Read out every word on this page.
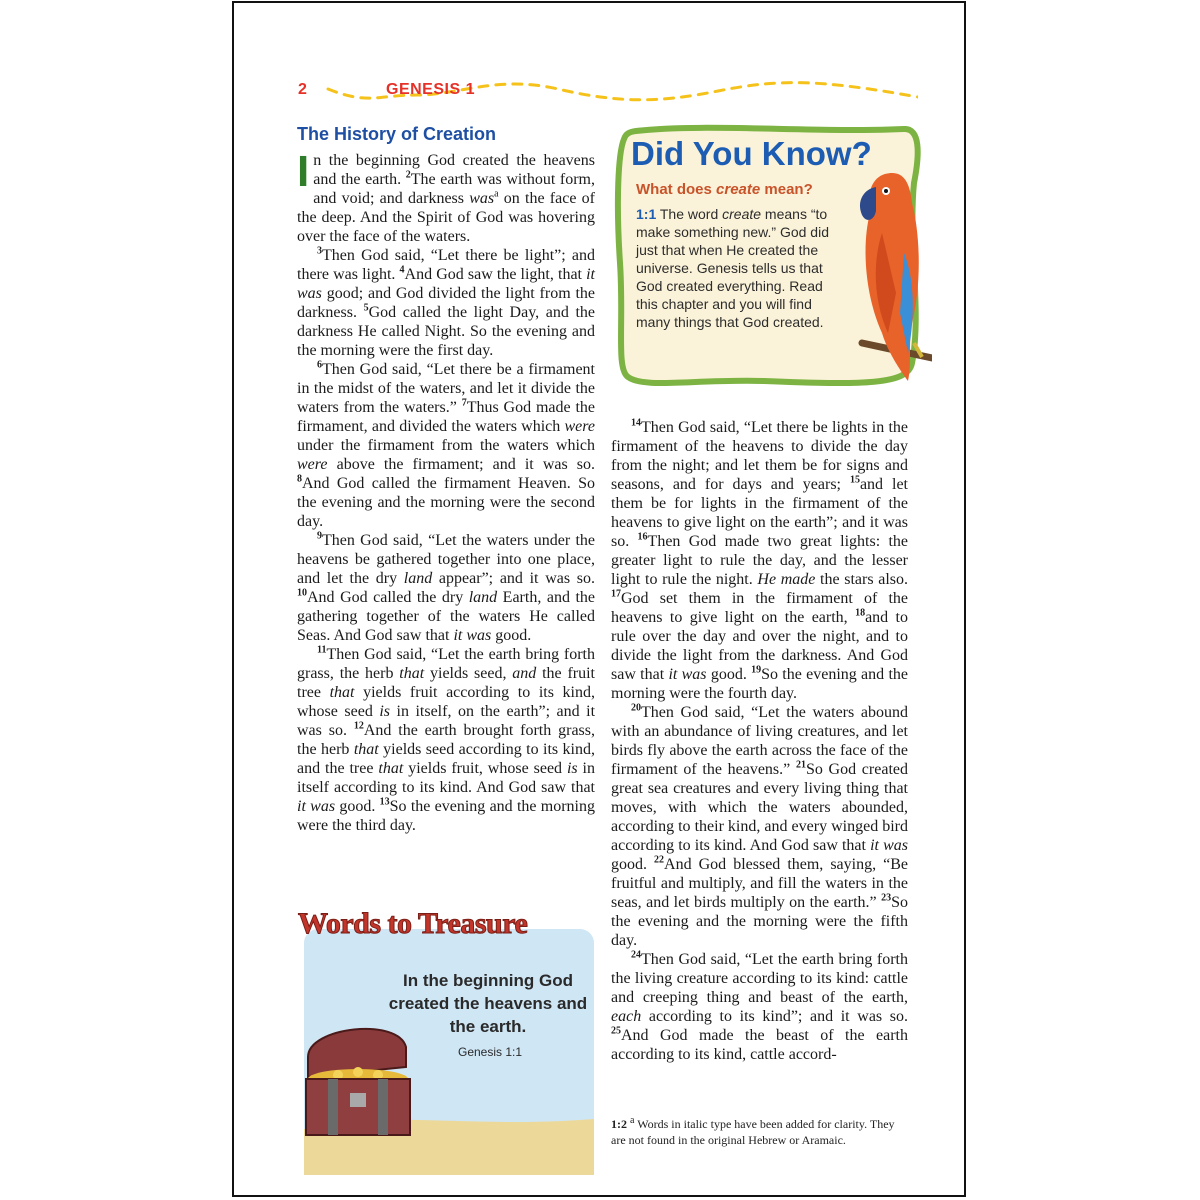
2	GENESIS 1
The History of Creation
I n the beginning God created the heavens and the earth. $^2$The earth was without form, and void; and darkness was$^a$ on the face of the deep. And the Spirit of God was hovering over the face of the waters.

$^3$Then God said, “Let there be light”; and there was light. $^4$And God saw the light, that it was good; and God divided the light from the darkness. $^5$God called the light Day, and the darkness He called Night. So the evening and the morning were the first day.

$^6$Then God said, “Let there be a firmament in the midst of the waters, and let it divide the waters from the waters.” $^7$Thus God made the firmament, and divided the waters which were under the firmament from the waters which were above the firmament; and it was so. $^8$And God called the firmament Heaven. So the evening and the morning were the second day.

$^9$Then God said, “Let the waters under the heavens be gathered together into one place, and let the dry land appear”; and it was so. $^{10}$And God called the dry land Earth, and the gathering together of the waters He called Seas. And God saw that it was good.

$^{11}$Then God said, “Let the earth bring forth grass, the herb that yields seed, and the fruit tree that yields fruit according to its kind, whose seed is in itself, on the earth”; and it was so. $^{12}$And the earth brought forth grass, the herb that yields seed according to its kind, and the tree that yields fruit, whose seed is in itself according to its kind. And God saw that it was good. $^{13}$So the evening and the morning were the third day.

Did You Know?
What does create mean?
1:1 The word create means “to make something new.” God did just that when He created the universe. Genesis tells us that God created everything. Read this chapter and you will find many things that God created.

$^{14}$Then God said, “Let there be lights in the firmament of the heavens to divide the day from the night; and let them be for signs and seasons, and for days and years; $^{15}$and let them be for lights in the firmament of the heavens to give light on the earth”; and it was so. $^{16}$Then God made two great lights: the greater light to rule the day, and the lesser light to rule the night. He made the stars also. $^{17}$God set them in the firmament of the heavens to give light on the earth, $^{18}$and to rule over the day and over the night, and to divide the light from the darkness. And God saw that it was good. $^{19}$So the evening and the morning were the fourth day.

$^{20}$Then God said, “Let the waters abound with an abundance of living creatures, and let birds fly above the earth across the face of the firmament of the heavens.” $^{21}$So God created great sea creatures and every living thing that moves, with which the waters abounded, according to their kind, and every winged bird according to its kind. And God saw that it was good. $^{22}$And God blessed them, saying, “Be fruitful and multiply, and fill the waters in the seas, and let birds multiply on the earth.” $^{23}$So the evening and the morning were the fifth day.

$^{24}$Then God said, “Let the earth bring forth the living creature according to its kind: cattle and creeping thing and beast of the earth, each according to its kind”; and it was so. $^{25}$And God made the beast of the earth according to its kind, cattle accord-

Words to Treasure
In the beginning God created the heavens and the earth.
Genesis 1:1
1:2 $^a$ Words in italic type have been added for clarity. They are not found in the original Hebrew or Aramaic.
